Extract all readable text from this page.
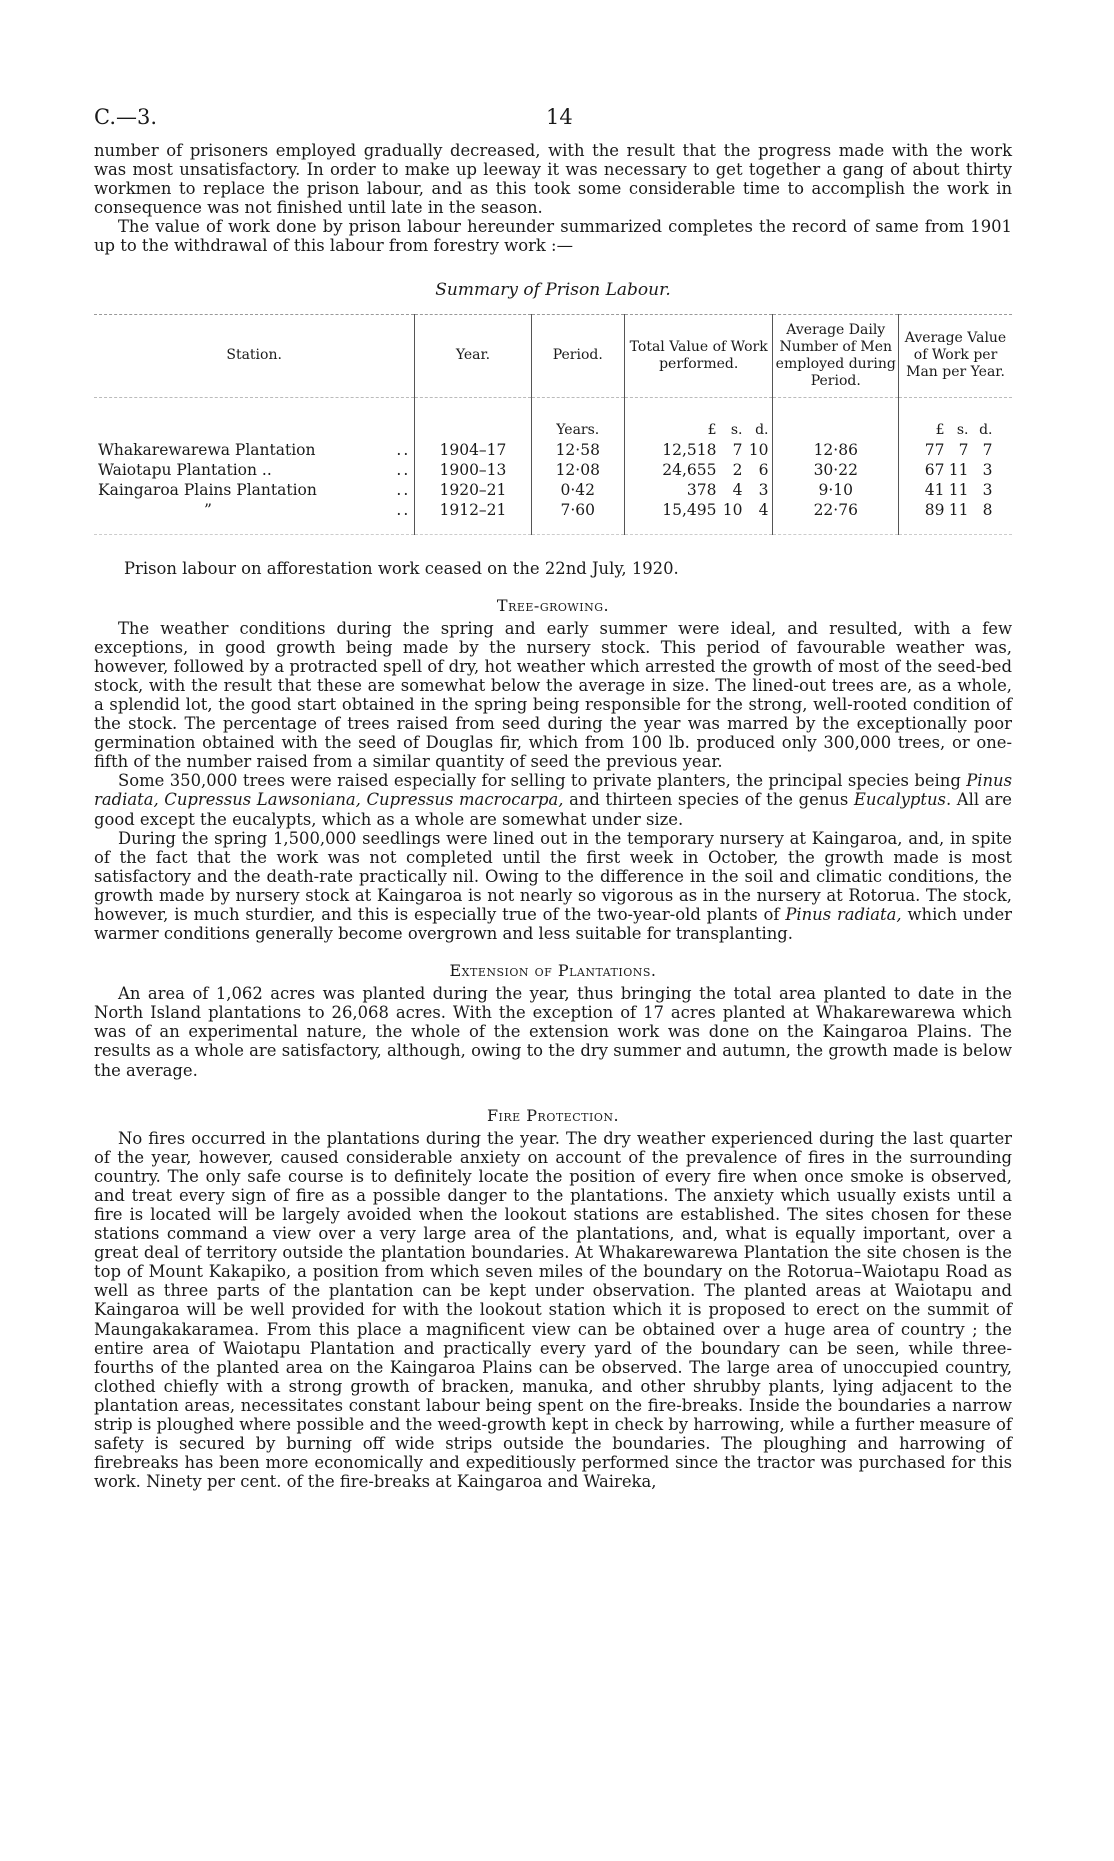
C.—3.	14

number of prisoners employed gradually decreased, with the result that the progress made with the work was most unsatisfactory. In order to make up leeway it was necessary to get together a gang of about thirty workmen to replace the prison labour, and as this took some considerable time to accomplish the work in consequence was not finished until late in the season.

The value of work done by prison labour hereunder summarized completes the record of same from 1901 up to the withdrawal of this labour from forestry work :—

Summary of Prison Labour.
Station.	Year.	Period.	Total Value of Work performed.	Average Daily Number of Men employed during Period.	Average Value of Work per Man per Year.
		Years.	£ s. d.		£ s. d.

Whakarewarewa Plantation ..	1904–17	12·58	12,518 7 10	12·86	77 7 7

Waiotapu Plantation .. ..	1900–13	12·08	24,655 2 6	30·22	67 11 3

Kaingaroa Plains Plantation ..	1920–21	0·42	378 4 3	9·10	41 11 3

” ..	1912–21	7·60	15,495 10 4	22·76	89 11 8
Prison labour on afforestation work ceased on the 22nd July, 1920.
Tree-growing.

The weather conditions during the spring and early summer were ideal, and resulted, with a few exceptions, in good growth being made by the nursery stock. This period of favourable weather was, however, followed by a protracted spell of dry, hot weather which arrested the growth of most of the seed-bed stock, with the result that these are somewhat below the average in size. The lined-out trees are, as a whole, a splendid lot, the good start obtained in the spring being responsible for the strong, well-rooted condition of the stock. The percentage of trees raised from seed during the year was marred by the exceptionally poor germination obtained with the seed of Douglas fir, which from 100 lb. produced only 300,000 trees, or one-fifth of the number raised from a similar quantity of seed the previous year.

Some 350,000 trees were raised especially for selling to private planters, the principal species being Pinus radiata, Cupressus Lawsoniana, Cupressus macrocarpa, and thirteen species of the genus Eucalyptus. All are good except the eucalypts, which as a whole are somewhat under size.

During the spring 1,500,000 seedlings were lined out in the temporary nursery at Kaingaroa, and, in spite of the fact that the work was not completed until the first week in October, the growth made is most satisfactory and the death-rate practically nil. Owing to the difference in the soil and climatic conditions, the growth made by nursery stock at Kaingaroa is not nearly so vigorous as in the nursery at Rotorua. The stock, however, is much sturdier, and this is especially true of the two-year-old plants of Pinus radiata, which under warmer conditions generally become overgrown and less suitable for transplanting.

Extension of Plantations.

An area of 1,062 acres was planted during the year, thus bringing the total area planted to date in the North Island plantations to 26,068 acres. With the exception of 17 acres planted at Whakarewarewa which was of an experimental nature, the whole of the extension work was done on the Kaingaroa Plains. The results as a whole are satisfactory, although, owing to the dry summer and autumn, the growth made is below the average.

Fire Protection.

No fires occurred in the plantations during the year. The dry weather experienced during the last quarter of the year, however, caused considerable anxiety on account of the prevalence of fires in the surrounding country. The only safe course is to definitely locate the position of every fire when once smoke is observed, and treat every sign of fire as a possible danger to the plantations. The anxiety which usually exists until a fire is located will be largely avoided when the lookout stations are established. The sites chosen for these stations command a view over a very large area of the plantations, and, what is equally important, over a great deal of territory outside the plantation boundaries. At Whakarewarewa Plantation the site chosen is the top of Mount Kakapiko, a position from which seven miles of the boundary on the Rotorua–Waiotapu Road as well as three parts of the plantation can be kept under observation. The planted areas at Waiotapu and Kaingaroa will be well provided for with the lookout station which it is proposed to erect on the summit of Maungakakaramea. From this place a magnificent view can be obtained over a huge area of country ; the entire area of Waiotapu Plantation and practically every yard of the boundary can be seen, while three-fourths of the planted area on the Kaingaroa Plains can be observed. The large area of unoccupied country, clothed chiefly with a strong growth of bracken, manuka, and other shrubby plants, lying adjacent to the plantation areas, necessitates constant labour being spent on the fire-breaks. Inside the boundaries a narrow strip is ploughed where possible and the weed-growth kept in check by harrowing, while a further measure of safety is secured by burning off wide strips outside the boundaries. The ploughing and harrowing of firebreaks has been more economically and expeditiously performed since the tractor was purchased for this work. Ninety per cent. of the fire-breaks at Kaingaroa and Waireka,
